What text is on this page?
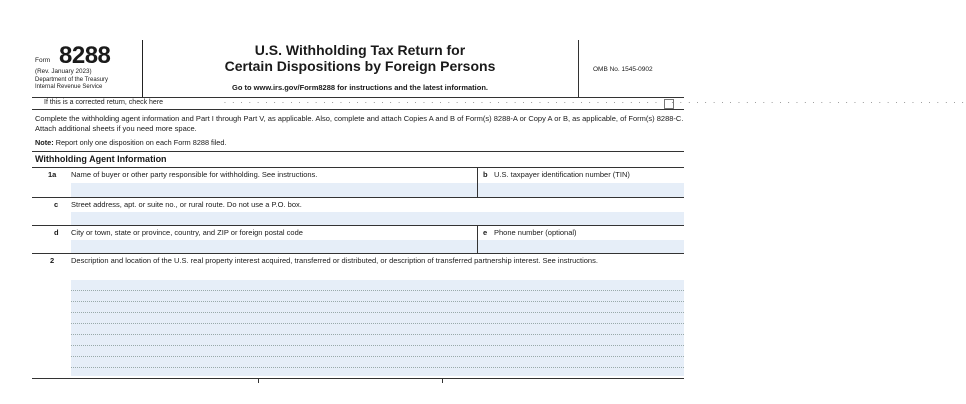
Form 8288
(Rev. January 2023)
Department of the Treasury
Internal Revenue Service
U.S. Withholding Tax Return for
Certain Dispositions by Foreign Persons
Go to www.irs.gov/Form8288 for instructions and the latest information.
OMB No. 1545-0902
If this is a corrected return, check here	. . . . . . . . . . . . . . . . . . . . . . . . . . . . . . . . . . . . . . . . . . . . . . . . . . . . . . . . . . . . . . . . . . . . . . . . . . . . . . . . . . . . . . . . . .
Complete the withholding agent information and Part I through Part V, as applicable. Also, complete and attach Copies A and B of Form(s) 8288-A or Copy A or B, as applicable, of Form(s) 8288-C. Attach additional sheets if you need more space.
Note: Report only one disposition on each Form 8288 filed.
Withholding Agent Information
1a Name of buyer or other party responsible for withholding. See instructions.	b U.S. taxpayer identification number (TIN)
c Street address, apt. or suite no., or rural route. Do not use a P.O. box.
d City or town, state or province, country, and ZIP or foreign postal code	e Phone number (optional)
2 Description and location of the U.S. real property interest acquired, transferred or distributed, or description of transferred partnership interest. See instructions.
